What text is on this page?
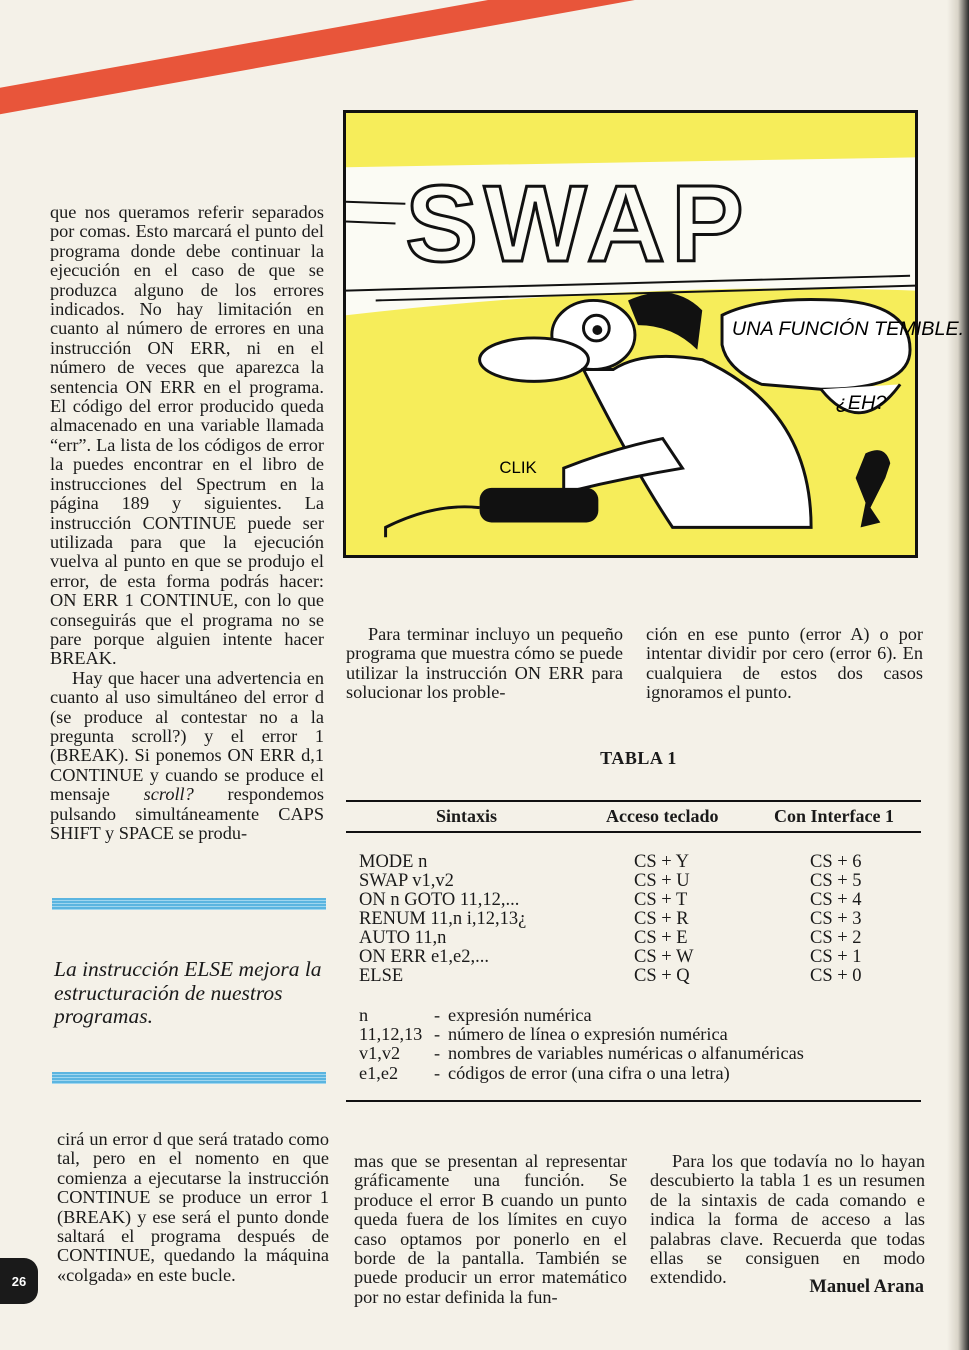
que nos queramos referir separados por comas. Esto marcará el punto del programa donde debe continuar la ejecución en el caso de que se produzca alguno de los errores indicados. No hay limitación en cuanto al número de errores en una instrucción ON ERR, ni en el número de veces que aparezca la sentencia ON ERR en el programa. El código del error producido queda almacenado en una variable llamada “err”. La lista de los códigos de error la puedes encontrar en el libro de instrucciones del Spectrum en la página 189 y siguientes. La instrucción CONTINUE puede ser utilizada para que la ejecución vuelva al punto en que se produjo el error, de esta forma podrás hacer: ON ERR 1 CONTINUE, con lo que conseguirás que el programa no se pare porque alguien intente hacer BREAK.

Hay que hacer una advertencia en cuanto al uso simultáneo del error d (se produce al contestar no a la pregunta scroll?) y el error 1 (BREAK). Si ponemos ON ERR d,1 CONTINUE y cuando se produce el mensaje scroll? respondemos pulsando simultáneamente CAPS SHIFT y SPACE se produ-

SWAP
CLIK
UNA FUNCIÓN TEMIBLE.
¿EH?

Para terminar incluyo un pequeño programa que muestra cómo se puede utilizar la instrucción ON ERR para solucionar los proble-

ción en ese punto (error A) o por intentar dividir por cero (error 6). En cualquiera de estos dos casos ignoramos el punto.

TABLA 1
Sintaxis	Acceso teclado	Con Interface 1
MODE n	CS + Y	CS + 6
SWAP v1,v2	CS + U	CS + 5
ON n GOTO 11,12,...	CS + T	CS + 4
RENUM 11,n i,12,13¿	CS + R	CS + 3
AUTO 11,n	CS + E	CS + 2
ON ERR e1,e2,...	CS + W	CS + 1
ELSE	CS + Q	CS + 0
n	- expresión numérica
11,12,13 - número de línea o expresión numérica
v1,v2 - nombres de variables numéricas o alfanuméricas
e1,e2 - códigos de error (una cifra o una letra)
La instrucción ELSE mejora la estructuración de nuestros programas.

cirá un error d que será tratado como tal, pero en el nomento en que comienza a ejecutarse la instrucción CONTINUE se produce un error 1 (BREAK) y ese será el punto donde saltará el programa después de CONTINUE, quedando la máquina «colgada» en este bucle.

mas que se presentan al representar gráficamente una función. Se produce el error B cuando un punto queda fuera de los límites en cuyo caso optamos por ponerlo en el borde de la pantalla. También se puede producir un error matemático por no estar definida la fun-

Para los que todavía no lo hayan descubierto la tabla 1 es un resumen de la sintaxis de cada comando e indica la forma de acceso a las palabras clave. Recuerda que todas ellas se consiguen en modo extendido.	Manuel Arana
26
